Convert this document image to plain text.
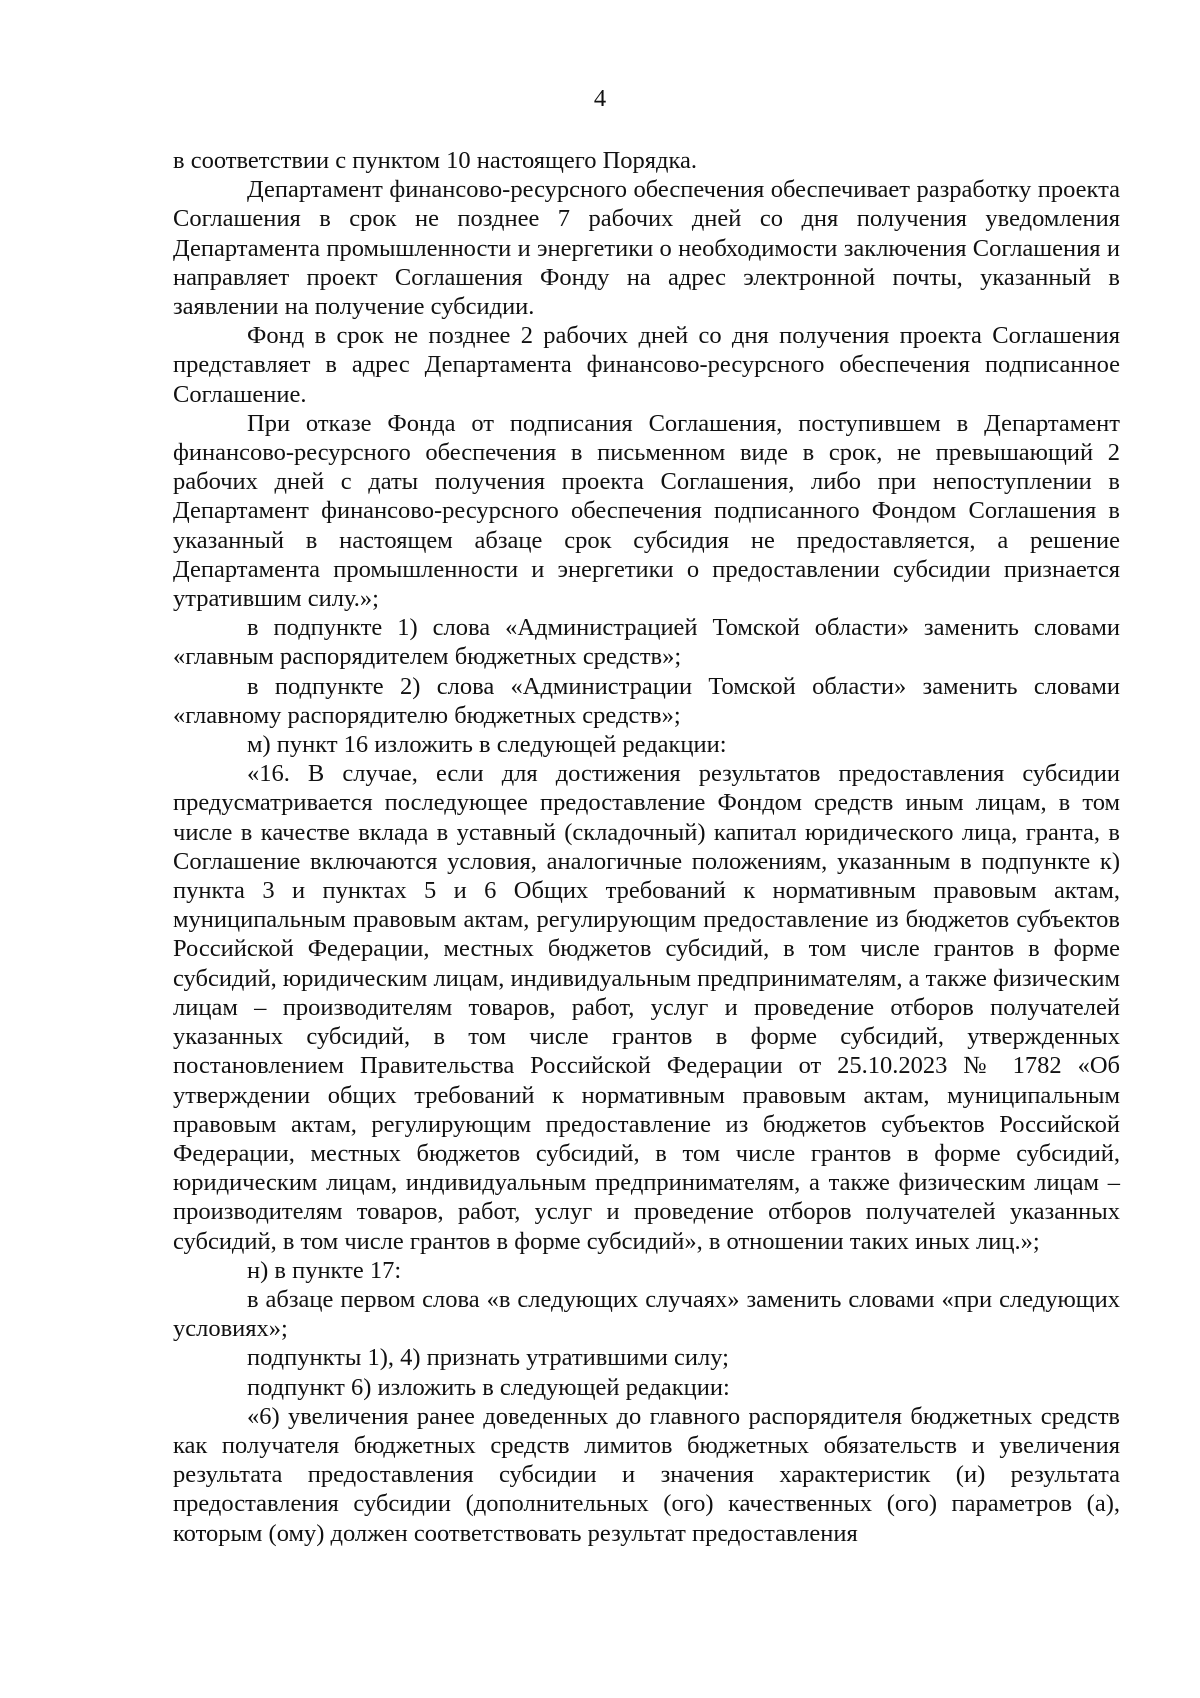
4

в соответствии с пунктом 10 настоящего Порядка.

Департамент финансово-ресурсного обеспечения обеспечивает разработку проекта Соглашения в срок не позднее 7 рабочих дней со дня получения уведомления Департамента промышленности и энергетики о необходимости заключения Соглашения и направляет проект Соглашения Фонду на адрес электронной почты, указанный в заявлении на получение субсидии.

Фонд в срок не позднее 2 рабочих дней со дня получения проекта Соглашения представляет в адрес Департамента финансово-ресурсного обеспечения подписанное Соглашение.

При отказе Фонда от подписания Соглашения, поступившем в Департамент финансово-ресурсного обеспечения в письменном виде в срок, не превышающий 2 рабочих дней с даты получения проекта Соглашения, либо при непоступлении в Департамент финансово-ресурсного обеспечения подписанного Фондом Соглашения в указанный в настоящем абзаце срок субсидия не предоставляется, а решение Департамента промышленности и энергетики о предоставлении субсидии признается утратившим силу.»;

в подпункте 1) слова «Администрацией Томской области» заменить словами «главным распорядителем бюджетных средств»;

в подпункте 2) слова «Администрации Томской области» заменить словами «главному распорядителю бюджетных средств»;

м) пункт 16 изложить в следующей редакции:

«16. В случае, если для достижения результатов предоставления субсидии предусматривается последующее предоставление Фондом средств иным лицам, в том числе в качестве вклада в уставный (складочный) капитал юридического лица, гранта, в Соглашение включаются условия, аналогичные положениям, указанным в подпункте к) пункта 3 и пунктах 5 и 6 Общих требований к нормативным правовым актам, муниципальным правовым актам, регулирующим предоставление из бюджетов субъектов Российской Федерации, местных бюджетов субсидий, в том числе грантов в форме субсидий, юридическим лицам, индивидуальным предпринимателям, а также физическим лицам – производителям товаров, работ, услуг и проведение отборов получателей указанных субсидий, в том числе грантов в форме субсидий, утвержденных постановлением Правительства Российской Федерации от 25.10.2023 № 1782 «Об утверждении общих требований к нормативным правовым актам, муниципальным правовым актам, регулирующим предоставление из бюджетов субъектов Российской Федерации, местных бюджетов субсидий, в том числе грантов в форме субсидий, юридическим лицам, индивидуальным предпринимателям, а также физическим лицам – производителям товаров, работ, услуг и проведение отборов получателей указанных субсидий, в том числе грантов в форме субсидий», в отношении таких иных лиц.»;

н) в пункте 17:

в абзаце первом слова «в следующих случаях» заменить словами «при следующих условиях»;

подпункты 1), 4) признать утратившими силу;

подпункт 6) изложить в следующей редакции:

«6) увеличения ранее доведенных до главного распорядителя бюджетных средств как получателя бюджетных средств лимитов бюджетных обязательств и увеличения результата предоставления субсидии и значения характеристик (и) результата предоставления субсидии (дополнительных (ого) качественных (ого) параметров (а), которым (ому) должен соответствовать результат предоставления
